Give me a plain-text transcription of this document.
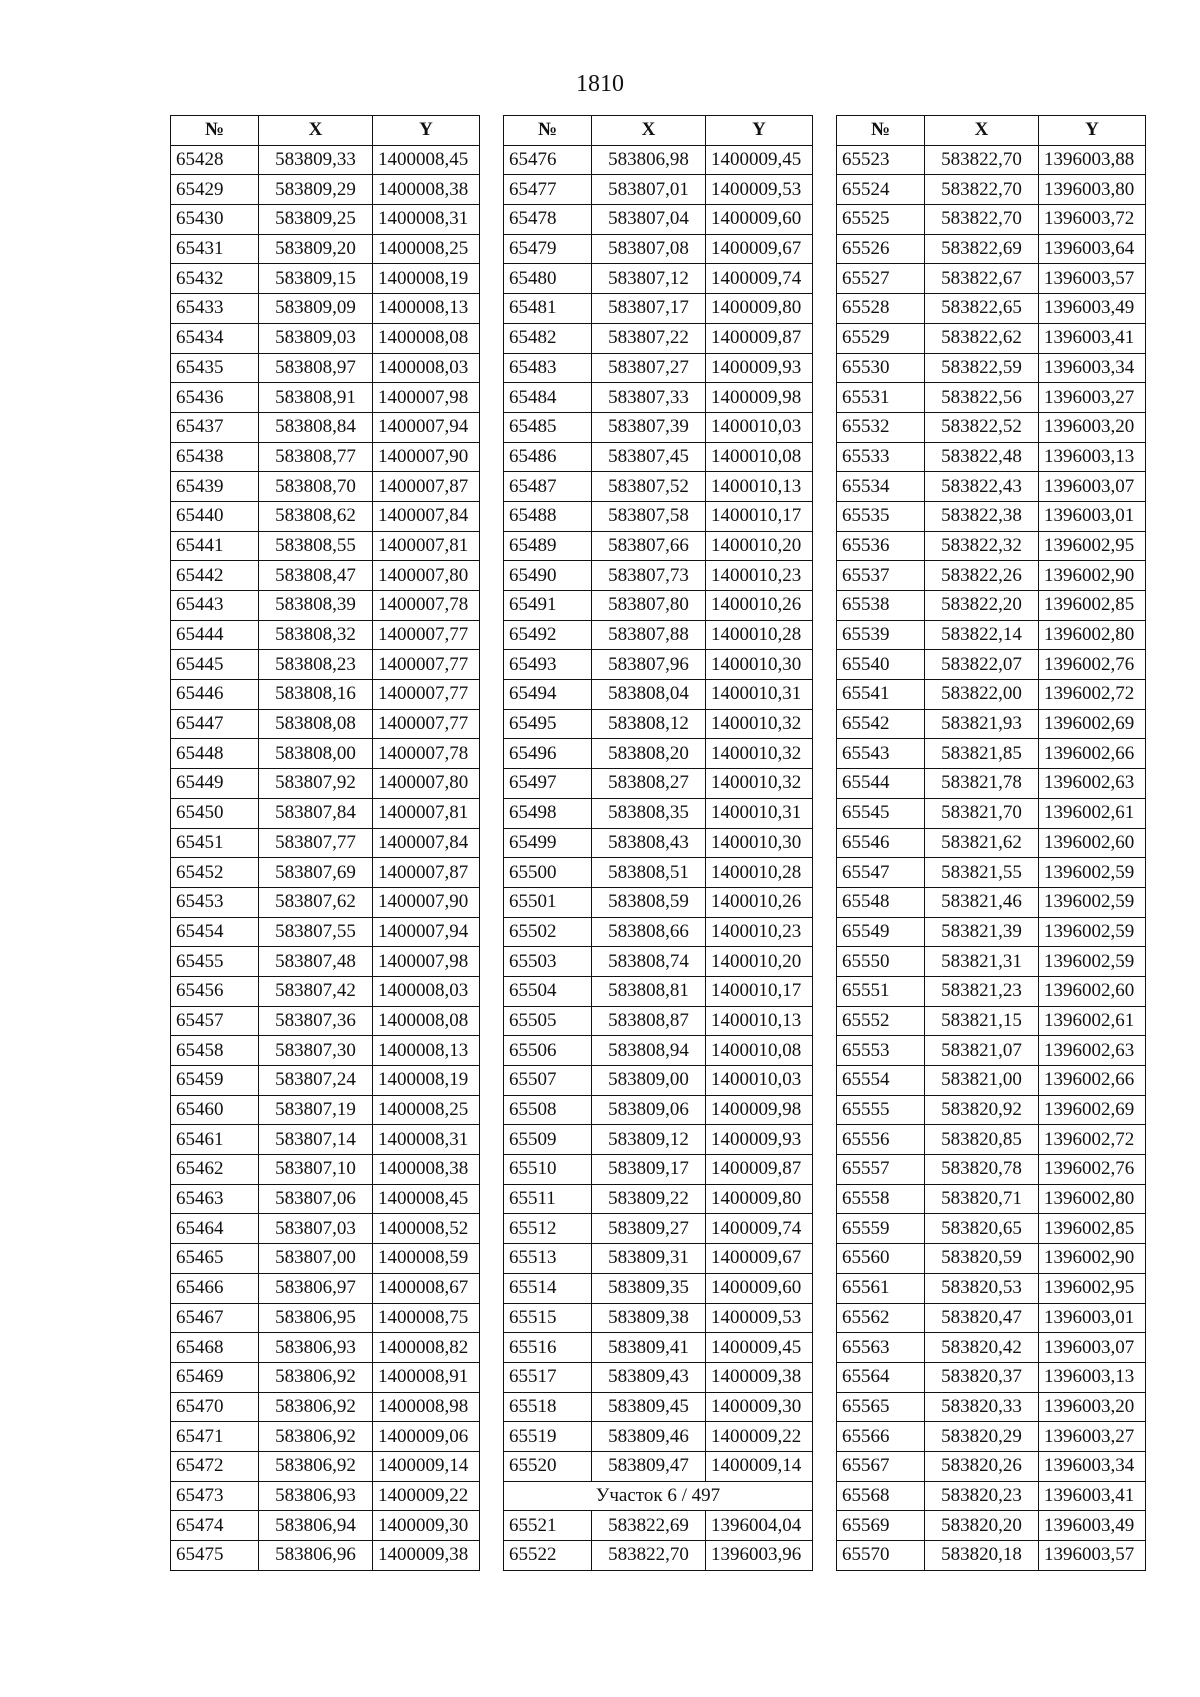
1810
№	X	Y
65428	583809,33	1400008,45
65429	583809,29	1400008,38
65430	583809,25	1400008,31
65431	583809,20	1400008,25
65432	583809,15	1400008,19
65433	583809,09	1400008,13
65434	583809,03	1400008,08
65435	583808,97	1400008,03
65436	583808,91	1400007,98
65437	583808,84	1400007,94
65438	583808,77	1400007,90
65439	583808,70	1400007,87
65440	583808,62	1400007,84
65441	583808,55	1400007,81
65442	583808,47	1400007,80
65443	583808,39	1400007,78
65444	583808,32	1400007,77
65445	583808,23	1400007,77
65446	583808,16	1400007,77
65447	583808,08	1400007,77
65448	583808,00	1400007,78
65449	583807,92	1400007,80
65450	583807,84	1400007,81
65451	583807,77	1400007,84
65452	583807,69	1400007,87
65453	583807,62	1400007,90
65454	583807,55	1400007,94
65455	583807,48	1400007,98
65456	583807,42	1400008,03
65457	583807,36	1400008,08
65458	583807,30	1400008,13
65459	583807,24	1400008,19
65460	583807,19	1400008,25
65461	583807,14	1400008,31
65462	583807,10	1400008,38
65463	583807,06	1400008,45
65464	583807,03	1400008,52
65465	583807,00	1400008,59
65466	583806,97	1400008,67
65467	583806,95	1400008,75
65468	583806,93	1400008,82
65469	583806,92	1400008,91
65470	583806,92	1400008,98
65471	583806,92	1400009,06
65472	583806,92	1400009,14
65473	583806,93	1400009,22
65474	583806,94	1400009,30
65475	583806,96	1400009,38
№	X	Y
65476	583806,98	1400009,45
65477	583807,01	1400009,53
65478	583807,04	1400009,60
65479	583807,08	1400009,67
65480	583807,12	1400009,74
65481	583807,17	1400009,80
65482	583807,22	1400009,87
65483	583807,27	1400009,93
65484	583807,33	1400009,98
65485	583807,39	1400010,03
65486	583807,45	1400010,08
65487	583807,52	1400010,13
65488	583807,58	1400010,17
65489	583807,66	1400010,20
65490	583807,73	1400010,23
65491	583807,80	1400010,26
65492	583807,88	1400010,28
65493	583807,96	1400010,30
65494	583808,04	1400010,31
65495	583808,12	1400010,32
65496	583808,20	1400010,32
65497	583808,27	1400010,32
65498	583808,35	1400010,31
65499	583808,43	1400010,30
65500	583808,51	1400010,28
65501	583808,59	1400010,26
65502	583808,66	1400010,23
65503	583808,74	1400010,20
65504	583808,81	1400010,17
65505	583808,87	1400010,13
65506	583808,94	1400010,08
65507	583809,00	1400010,03
65508	583809,06	1400009,98
65509	583809,12	1400009,93
65510	583809,17	1400009,87
65511	583809,22	1400009,80
65512	583809,27	1400009,74
65513	583809,31	1400009,67
65514	583809,35	1400009,60
65515	583809,38	1400009,53
65516	583809,41	1400009,45
65517	583809,43	1400009,38
65518	583809,45	1400009,30
65519	583809,46	1400009,22
65520	583809,47	1400009,14
Участок 6 / 497		
65521	583822,69	1396004,04
65522	583822,70	1396003,96
№	X	Y
65523	583822,70	1396003,88
65524	583822,70	1396003,80
65525	583822,70	1396003,72
65526	583822,69	1396003,64
65527	583822,67	1396003,57
65528	583822,65	1396003,49
65529	583822,62	1396003,41
65530	583822,59	1396003,34
65531	583822,56	1396003,27
65532	583822,52	1396003,20
65533	583822,48	1396003,13
65534	583822,43	1396003,07
65535	583822,38	1396003,01
65536	583822,32	1396002,95
65537	583822,26	1396002,90
65538	583822,20	1396002,85
65539	583822,14	1396002,80
65540	583822,07	1396002,76
65541	583822,00	1396002,72
65542	583821,93	1396002,69
65543	583821,85	1396002,66
65544	583821,78	1396002,63
65545	583821,70	1396002,61
65546	583821,62	1396002,60
65547	583821,55	1396002,59
65548	583821,46	1396002,59
65549	583821,39	1396002,59
65550	583821,31	1396002,59
65551	583821,23	1396002,60
65552	583821,15	1396002,61
65553	583821,07	1396002,63
65554	583821,00	1396002,66
65555	583820,92	1396002,69
65556	583820,85	1396002,72
65557	583820,78	1396002,76
65558	583820,71	1396002,80
65559	583820,65	1396002,85
65560	583820,59	1396002,90
65561	583820,53	1396002,95
65562	583820,47	1396003,01
65563	583820,42	1396003,07
65564	583820,37	1396003,13
65565	583820,33	1396003,20
65566	583820,29	1396003,27
65567	583820,26	1396003,34
65568	583820,23	1396003,41
65569	583820,20	1396003,49
65570	583820,18	1396003,57
